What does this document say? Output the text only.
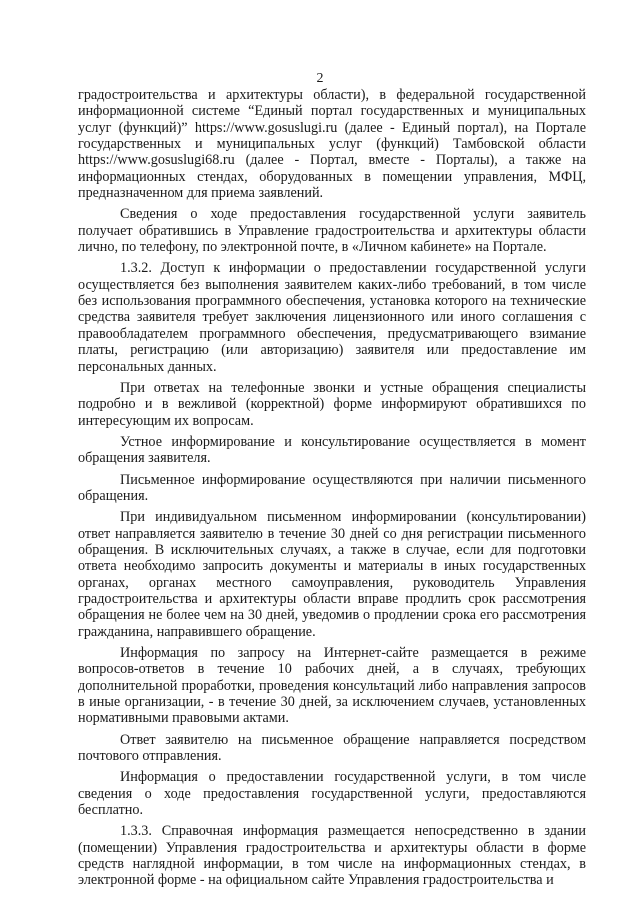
2

градостроительства и архитектуры области), в федеральной государственной информационной системе “Единый портал государственных и муниципальных услуг (функций)” https://www.gosuslugi.ru (далее - Единый портал), на Портале государственных и муниципальных услуг (функций) Тамбовской области https://www.gosuslugi68.ru (далее - Портал, вместе - Порталы), а также на информационных стендах, оборудованных в помещении управления, МФЦ, предназначенном для приема заявлений.

Сведения о ходе предоставления государственной услуги заявитель получает обратившись в Управление градостроительства и архитектуры области лично, по телефону, по электронной почте, в «Личном кабинете» на Портале.

1.3.2. Доступ к информации о предоставлении государственной услуги осуществляется без выполнения заявителем каких-либо требований, в том числе без использования программного обеспечения, установка которого на технические средства заявителя требует заключения лицензионного или иного соглашения с правообладателем программного обеспечения, предусматривающего взимание платы, регистрацию (или авторизацию) заявителя или предоставление им персональных данных.

При ответах на телефонные звонки и устные обращения специалисты подробно и в вежливой (корректной) форме информируют обратившихся по интересующим их вопросам.

Устное информирование и консультирование осуществляется в момент обращения заявителя.

Письменное информирование осуществляются при наличии письменного обращения.

При индивидуальном письменном информировании (консультировании) ответ направляется заявителю в течение 30 дней со дня регистрации письменного обращения. В исключительных случаях, а также в случае, если для подготовки ответа необходимо запросить документы и материалы в иных государственных органах, органах местного самоуправления, руководитель Управления градостроительства и архитектуры области вправе продлить срок рассмотрения обращения не более чем на 30 дней, уведомив о продлении срока его рассмотрения гражданина, направившего обращение.

Информация по запросу на Интернет-сайте размещается в режиме вопросов-ответов в течение 10 рабочих дней, а в случаях, требующих дополнительной проработки, проведения консультаций либо направления запросов в иные организации, - в течение 30 дней, за исключением случаев, установленных нормативными правовыми актами.

Ответ заявителю на письменное обращение направляется посредством почтового отправления.

Информация о предоставлении государственной услуги, в том числе сведения о ходе предоставления государственной услуги, предоставляются бесплатно.

1.3.3. Справочная информация размещается непосредственно в здании (помещении) Управления градостроительства и архитектуры области в форме средств наглядной информации, в том числе на информационных стендах, в электронной форме - на официальном сайте Управления градостроительства и
